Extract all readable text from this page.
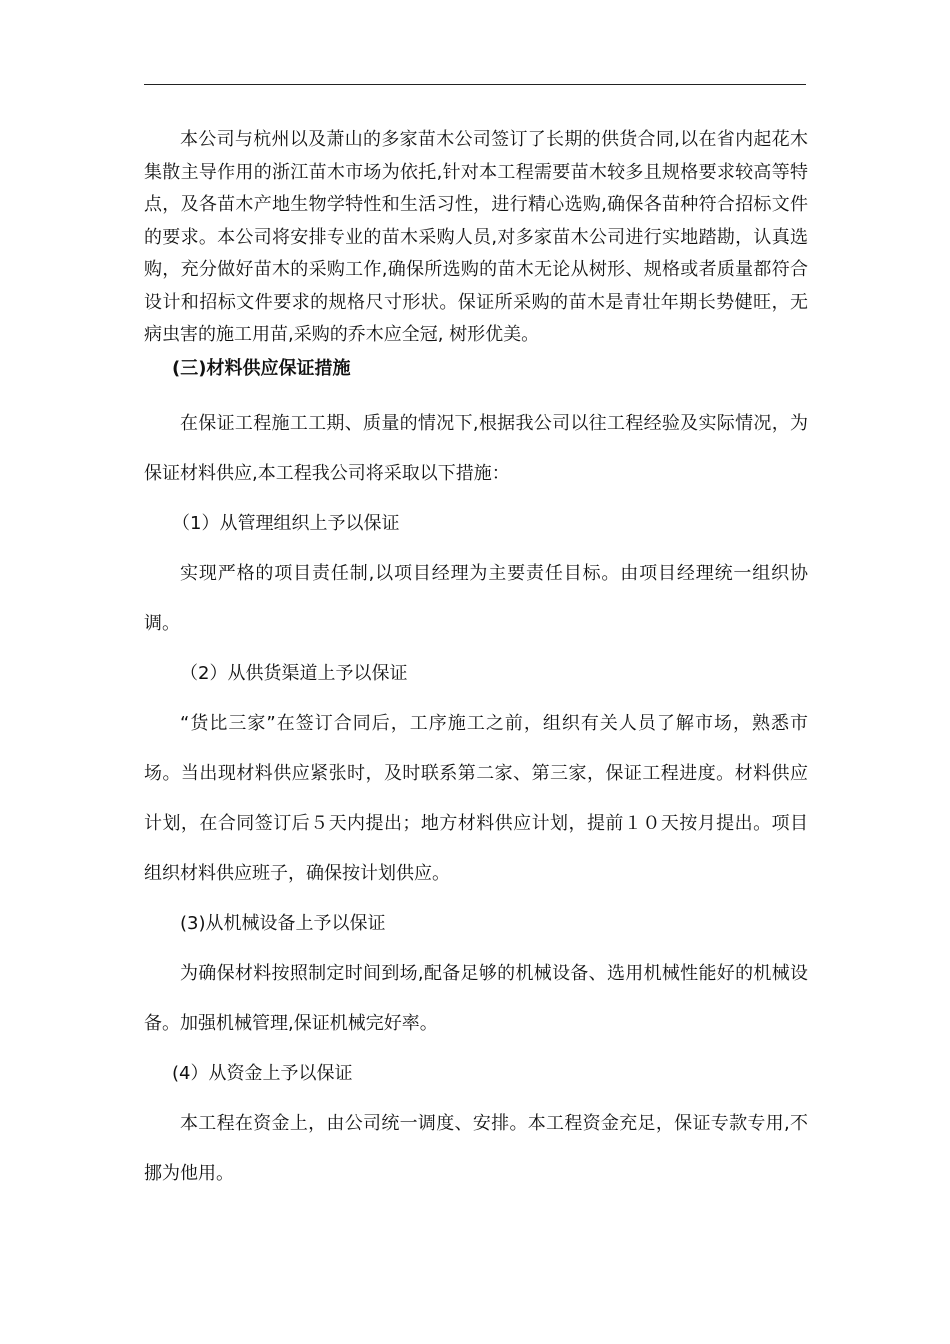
本公司与杭州以及萧山的多家苗木公司签订了长期的供货合同,以在省内起花木集散主导作用的浙江苗木市场为依托,针对本工程需要苗木较多且规格要求较高等特点，及各苗木产地生物学特性和生活习性，进行精心选购,确保各苗种符合招标文件的要求。本公司将安排专业的苗木采购人员,对多家苗木公司进行实地踏勘，认真选购，充分做好苗木的采购工作,确保所选购的苗木无论从树形、规格或者质量都符合设计和招标文件要求的规格尺寸形状。保证所采购的苗木是青壮年期长势健旺，无病虫害的施工用苗,采购的乔木应全冠, 树形优美。

(三)材料供应保证措施

在保证工程施工工期、质量的情况下,根据我公司以往工程经验及实际情况，为保证材料供应,本工程我公司将采取以下措施：

（1）从管理组织上予以保证

实现严格的项目责任制,以项目经理为主要责任目标。由项目经理统一组织协调。

（2）从供货渠道上予以保证

“货比三家”在签订合同后，工序施工之前，组织有关人员了解市场，熟悉市场。当出现材料供应紧张时，及时联系第二家、第三家，保证工程进度。材料供应计划，在合同签订后５天内提出；地方材料供应计划，提前１０天按月提出。项目组织材料供应班子，确保按计划供应。

(3)从机械设备上予以保证

为确保材料按照制定时间到场,配备足够的机械设备、选用机械性能好的机械设备。加强机械管理,保证机械完好率。

(4）从资金上予以保证

本工程在资金上，由公司统一调度、安排。本工程资金充足，保证专款专用,不挪为他用。
